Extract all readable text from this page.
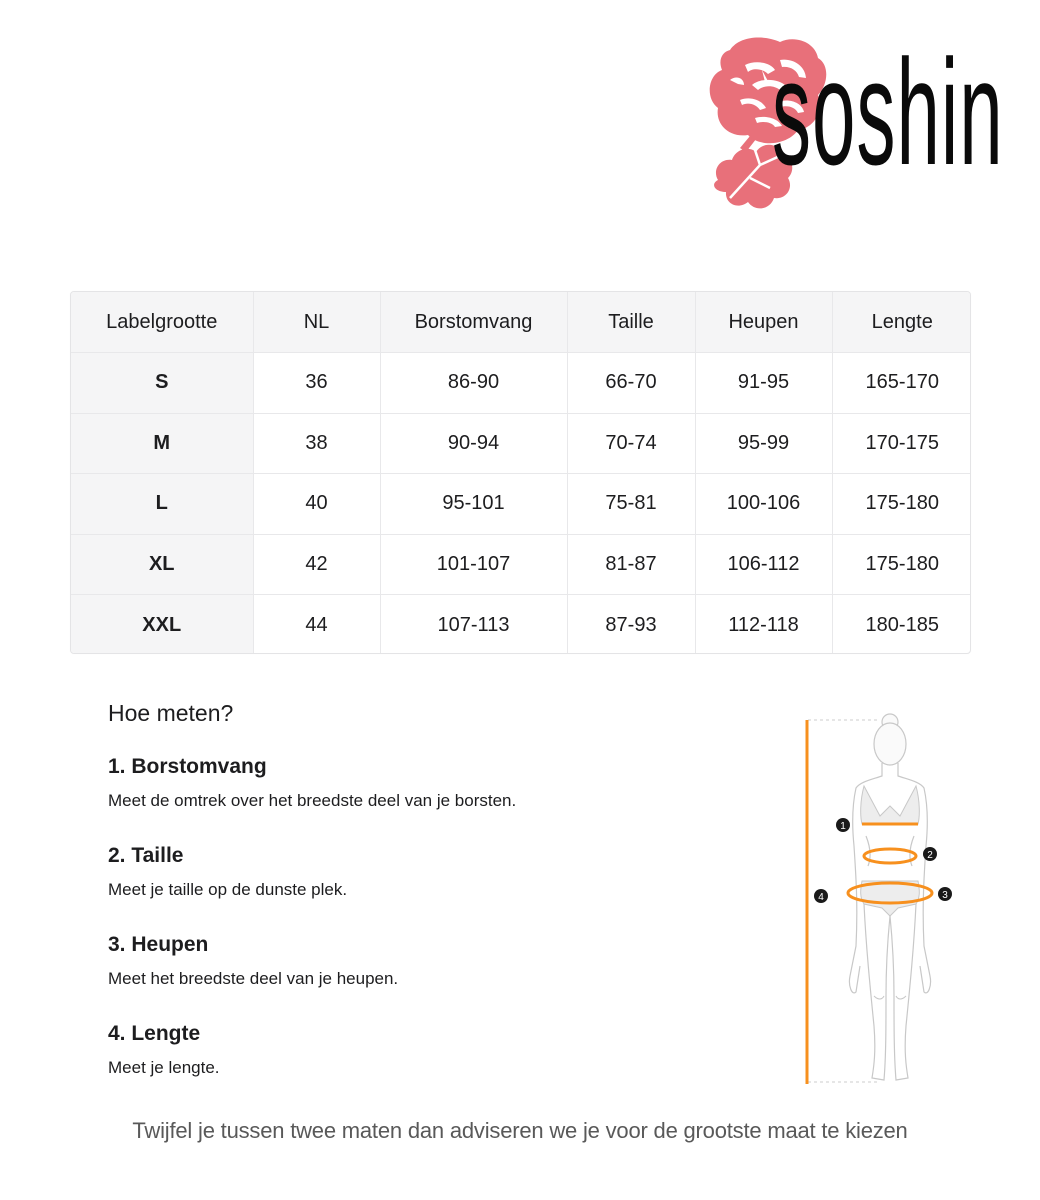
soshin
Labelgrootte	NL	Borstomvang	Taille	Heupen	Lengte
S	36	86-90	66-70	91-95	165-170
M	38	90-94	70-74	95-99	170-175
L	40	95-101	75-81	100-106	175-180
XL	42	101-107	81-87	106-112	175-180
XXL	44	107-113	87-93	112-118	180-185
Hoe meten?
1. Borstomvang
Meet de omtrek over het breedste deel van je borsten.
2. Taille
Meet je taille op de dunste plek.
3. Heupen
Meet het breedste deel van je heupen.
4. Lengte
Meet je lengte.
1
2
3
4
Twijfel je tussen twee maten dan adviseren we je voor de grootste maat te kiezen
